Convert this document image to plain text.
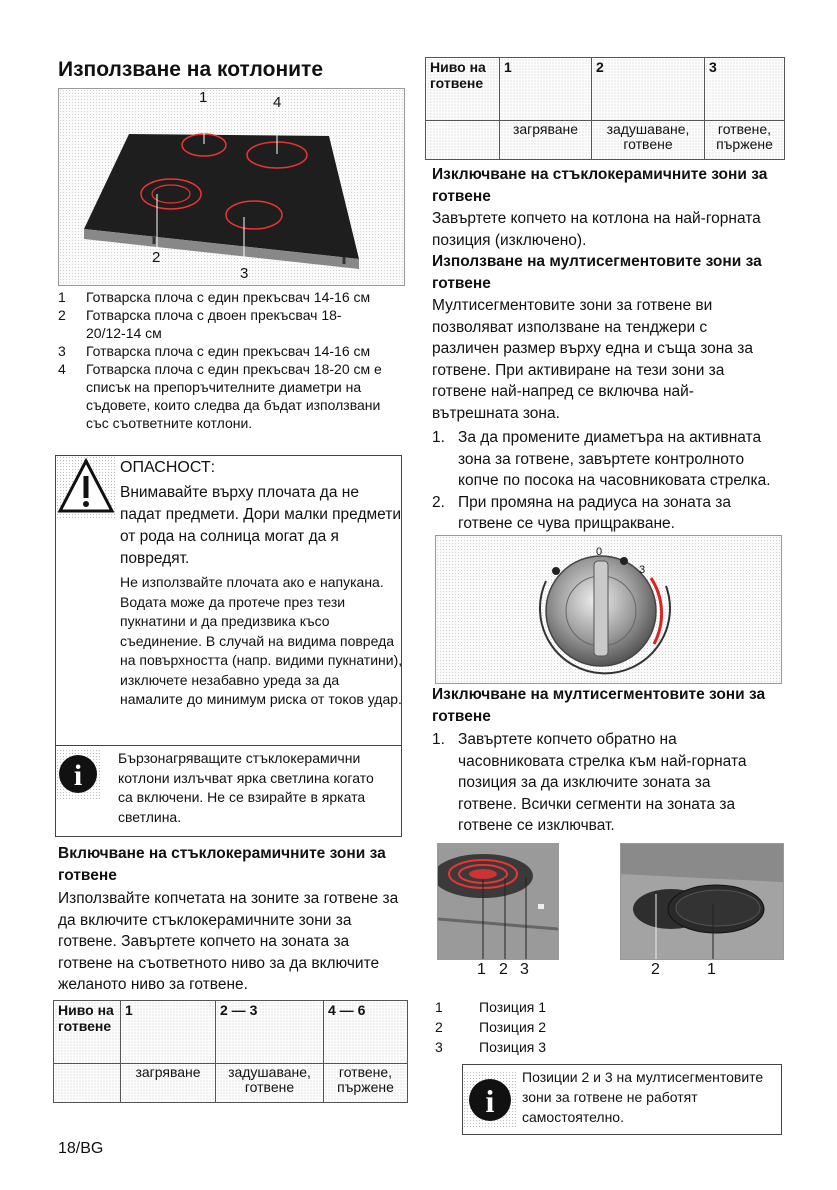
Използване на котлоните
1	4
2
3
1	Готварска плоча с един прекъсвач 14-16 см
2	Готварска плоча с двоен прекъсвач 18-20/12-14 см
3	Готварска плоча с един прекъсвач 14-16 см
4	Готварска плоча с един прекъсвач 18-20 см е списък на препоръчителните диаметри на съдовете, които следва да бъдат използвани със съответните котлони.
ОПАСНОСТ:
Внимавайте върху плочата да не падат предмети. Дори малки предмети от рода на солница могат да я повредят.
Не използвайте плочата ако е напукана. Водата може да протече през тези пукнатини и да предизвика късо съединение. В случай на видима повреда на повърхността (напр. видими пукнатини), изключете незабавно уреда за да намалите до минимум риска от токов удар.
i
Бързонагряващите стъклокерамични котлони излъчват ярка светлина когато са включени. Не се взирайте в ярката светлина.
Включване на стъклокерамичните зони за готвене
Използвайте копчетата на зоните за готвене за да включите стъклокерамичните зони за готвене. Завъртете копчето на зоната за готвене на съответното ниво за да включите желаното ниво за готвене.
Ниво на готвене	1	2 — 3	4 — 6
	загряване	задушаване, готвене	готвене, пържене
18/BG
Ниво на готвене	1	2	3
	загряване	задушаване, готвене	готвене, пържене
Изключване на стъклокерамичните зони за готвене
Завъртете копчето на котлона на най-горната позиция (изключено).
Използване на мултисегментовите зони за готвене
Мултисегментовите зони за готвене ви позволяват използване на тенджери с различен размер върху една и съща зона за готвене. При активиране на тези зони за готвене най-напред се включва най-вътрешната зона.
1. За да промените диаметъра на активната зона за готвене, завъртете контролното копче по посока на часовниковата стрелка.
2. При промяна на радиуса на зоната за готвене се чува прищракване.
0
3
Изключване на мултисегментовите зони за готвене
1. Завъртете копчето обратно на часовниковата стрелка към най-горната позиция за да изключите зоната за готвене. Всички сегменти на зоната за готвене се изключват.
1 2 3	2	1
1	Позиция 1
2	Позиция 2
3	Позиция 3
i
Позиции 2 и 3 на мултисегментовите зони за готвене не работят самостоятелно.
